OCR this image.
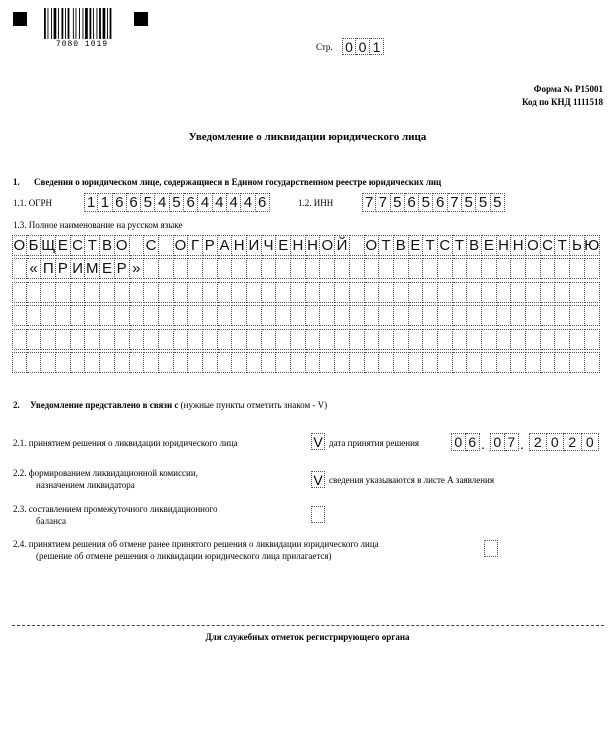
7080 1019	Стр. 0 0 1
Форма № Р15001
Код по КНД 1111518
Уведомление о ликвидации юридического лица
1. Сведения о юридическом лице, содержащиеся в Едином государственном реестре юридических лиц
1.1. ОГРН 1 1 6 6 5 4 5 6 4 4 4 4 6	1.2. ИНН 7 7 5 6 5 6 7 5 5 5
1.3. Полное наименование на русском языке
О Б Щ Е С Т В О С О Г Р А Н И Ч Е Н Н О Й О Т В Е Т С Т В Е Н Н О С Т Ь Ю
« П Р И М Е Р »
2. Уведомление представлено в связи с (нужные пункты отметить знаком - V)
2.1. принятием решения о ликвидации юридического лица	V дата принятия решения	0 6 . 0 7 . 2 0 2 0
2.2. формированием ликвидационной комиссии,
назначением ликвидатора	V сведения указываются в листе А заявления
2.3. составлением промежуточного ликвидационного
баланса
2.4. принятием решения об отмене ранее принятого решения о ликвидации юридического лица
(решение об отмене решения о ликвидации юридического лица прилагается)
Для служебных отметок регистрирующего органа
